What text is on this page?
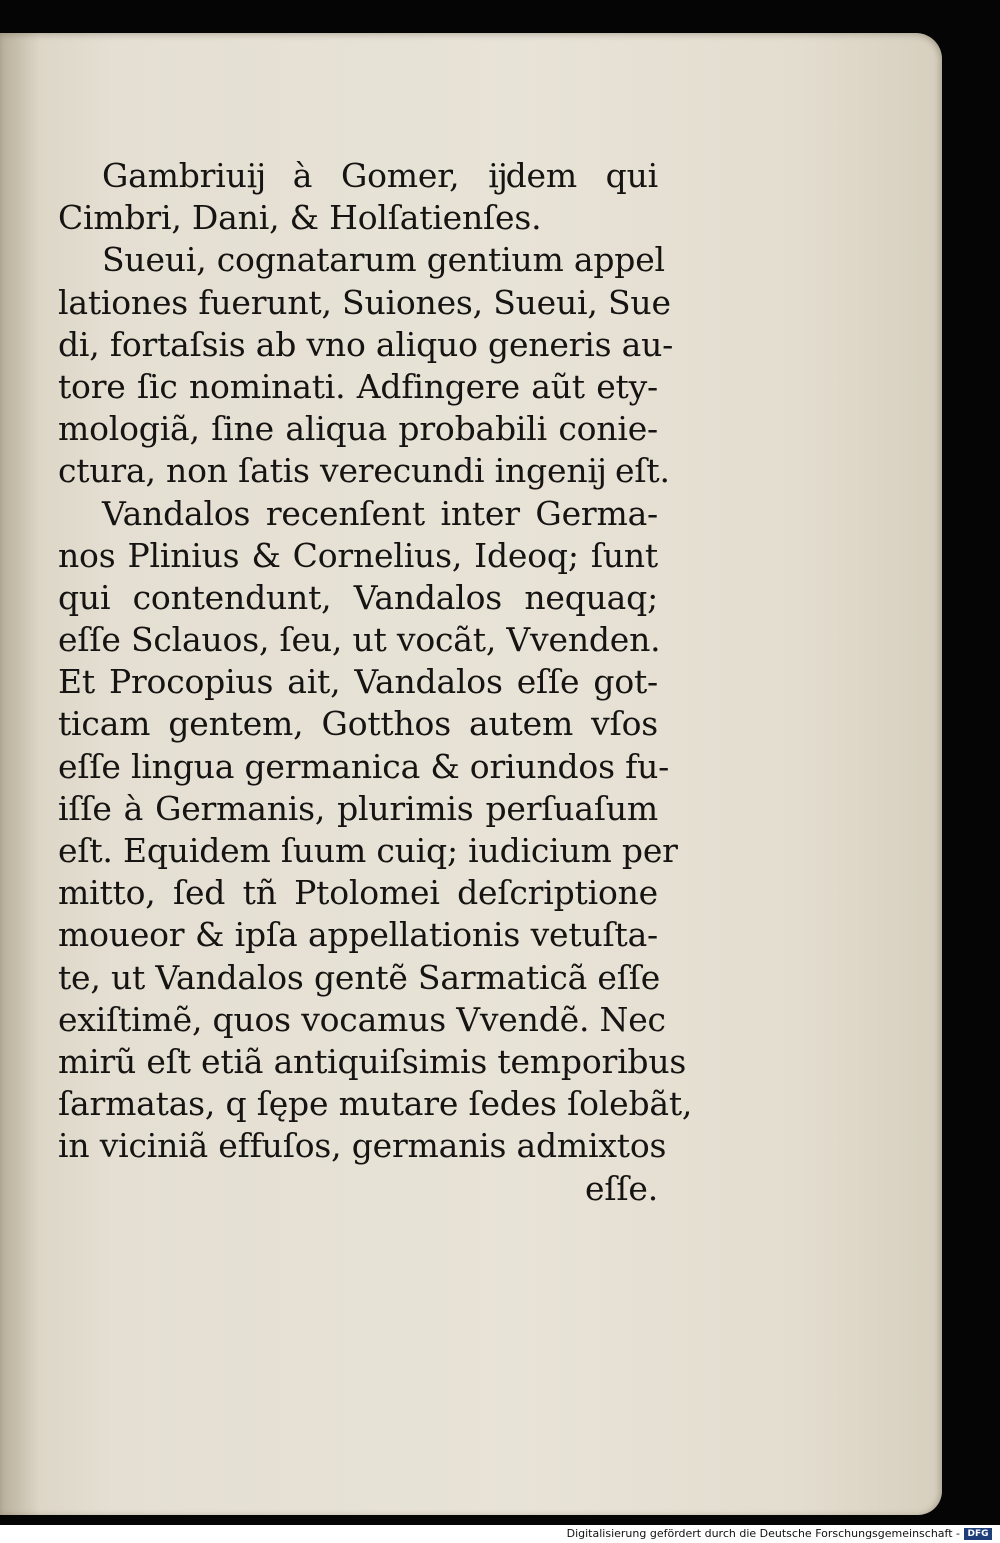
Gambriuĳ à Gomer, ĳdem qui
Cimbri, Dani, & Holſatienſes.
Sueui, cognatarum gentium appel
lationes fuerunt, Suiones, Sueui, Sue
di, fortaſsis ab vno aliquo generis au-
tore ſic nominati. Adfingere aũt ety-
mologiã, ſine aliqua probabili conie-
ctura, non ſatis verecundi ingenĳ eſt.
Vandalos recenſent inter Germa-
nos Plinius & Cornelius, Ideoq; ſunt
qui contendunt, Vandalos nequaq;
eſſe Sclauos, ſeu, ut vocãt, Vvenden.
Et Procopius ait, Vandalos eſſe got-
ticam gentem, Gotthos autem vſos
eſſe lingua germanica & oriundos fu-
iſſe à Germanis, plurimis perſuaſum
eſt. Equidem ſuum cuiq; iudicium per
mitto, ſed tñ Ptolomei deſcriptione
moueor & ipſa appellationis vetuſta-
te, ut Vandalos gentẽ Sarmaticã eſſe
exiſtimẽ, quos vocamus Vvendẽ. Nec
mirũ eſt etiã antiquiſsimis temporibus
ſarmatas, q ſępe mutare ſedes ſolebãt,
in viciniã effuſos, germanis admixtos
eſſe.
Digitalisierung gefördert durch die Deutsche Forschungsgemeinschaft - DFG
